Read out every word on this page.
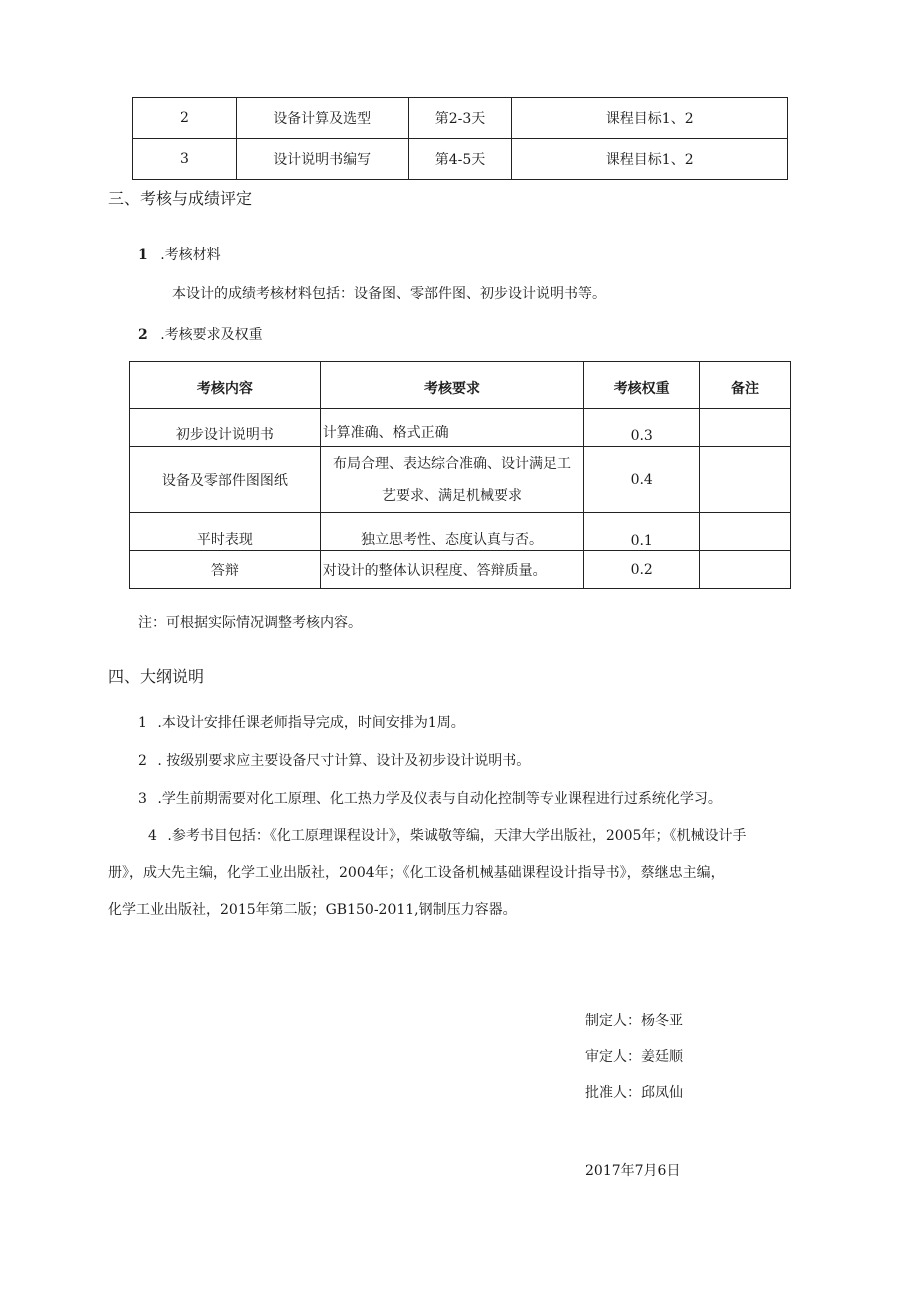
2	设备计算及选型	第2-3天	课程目标1、2
3	设计说明书编写	第4-5天	课程目标1、2
三、考核与成绩评定
1 .考核材料
本设计的成绩考核材料包括：设备图、零部件图、初步设计说明书等。
2 .考核要求及权重
考核内容	考核要求	考核权重	备注
初步设计说明书	计算准确、格式正确	0.3	
设备及零部件图图纸	布局合理、表达综合准确、设计满足工艺要求、满足机械要求	0.4	
平时表现	独立思考性、态度认真与否。	0.1	
答辩	对设计的整体认识程度、答辩质量。	0.2	
注：可根据实际情况调整考核内容。
四、大纲说明
1 .本设计安排任课老师指导完成，时间安排为1周。
2 . 按级别要求应主要设备尺寸计算、设计及初步设计说明书。
3 .学生前期需要对化工原理、化工热力学及仪表与自动化控制等专业课程进行过系统化学习。
4 .参考书目包括：《化工原理课程设计》，柴诚敬等编，天津大学出版社，2005年；《机械设计手
册》，成大先主编，化学工业出版社，2004年；《化工设备机械基础课程设计指导书》，蔡继忠主编，
化学工业出版社，2015年第二版；GB150-2011,钢制压力容器。
制定人：杨冬亚
审定人：姜廷顺
批准人：邱凤仙
2017年7月6日
